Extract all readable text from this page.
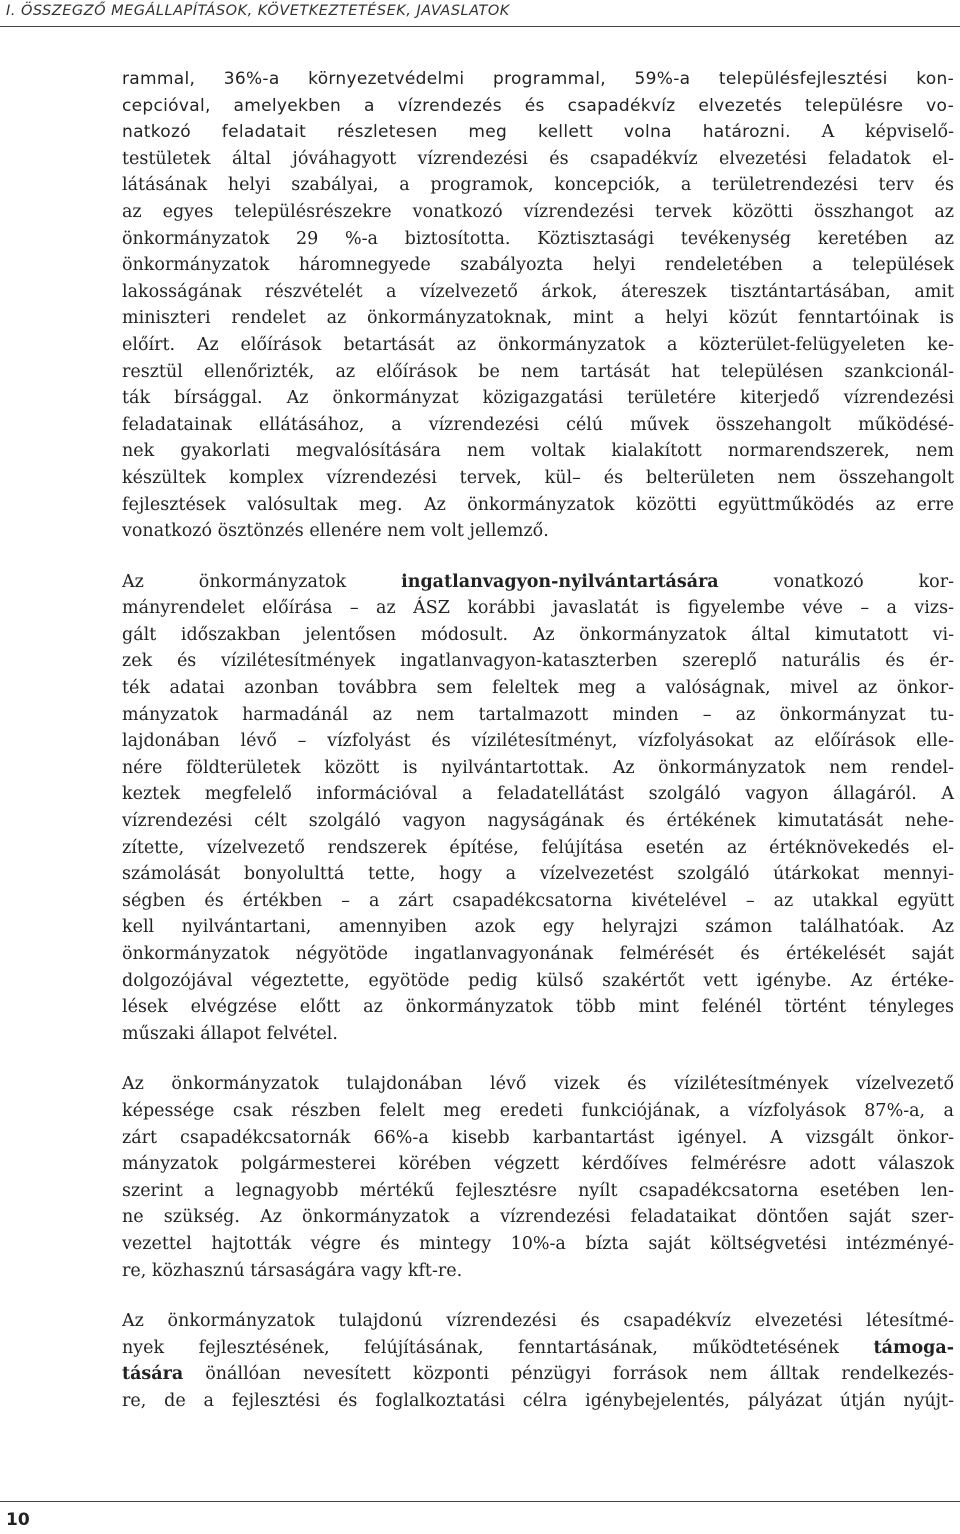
I. ÖSSZEGZŐ MEGÁLLAPÍTÁSOK, KÖVETKEZTETÉSEK, JAVASLATOK
rammal, 36%-a környezetvédelmi programmal, 59%-a településfejlesztési kon-
cepcióval, amelyekben a vízrendezés és csapadékvíz elvezetés településre vo-
natkozó feladatait részletesen meg kellett volna határozni. A képviselő-
testületek által jóváhagyott vízrendezési és csapadékvíz elvezetési feladatok el-
látásának helyi szabályai, a programok, koncepciók, a területrendezési terv és
az egyes településrészekre vonatkozó vízrendezési tervek közötti összhangot az
önkormányzatok 29 %-a biztosította. Köztisztasági tevékenység keretében az
önkormányzatok háromnegyede szabályozta helyi rendeletében a települések
lakosságának részvételét a vízelvezető árkok, átereszek tisztántartásában, amit
miniszteri rendelet az önkormányzatoknak, mint a helyi közút fenntartóinak is
előírt. Az előírások betartását az önkormányzatok a közterület-felügyeleten ke-
resztül ellenőrizték, az előírások be nem tartását hat településen szankcionál-
ták bírsággal. Az önkormányzat közigazgatási területére kiterjedő vízrendezési
feladatainak ellátásához, a vízrendezési célú művek összehangolt működésé-
nek gyakorlati megvalósítására nem voltak kialakított normarendszerek, nem
készültek komplex vízrendezési tervek, kül– és belterületen nem összehangolt
fejlesztések valósultak meg. Az önkormányzatok közötti együttműködés az erre
vonatkozó ösztönzés ellenére nem volt jellemző.
Az önkormányzatok	ingatlanvagyon-nyilvántartására	vonatkozó kor-
mányrendelet előírása – az ÁSZ korábbi javaslatát is figyelembe véve – a vizs-
gált időszakban jelentősen módosult. Az önkormányzatok által kimutatott vi-
zek és vízilétesítmények ingatlanvagyon-kataszterben szereplő naturális és ér-
ték adatai azonban továbbra sem feleltek meg a valóságnak, mivel az önkor-
mányzatok harmadánál az nem tartalmazott minden – az önkormányzat tu-
lajdonában lévő – vízfolyást és vízilétesítményt, vízfolyásokat az előírások elle-
nére földterületek között is nyilvántartottak. Az önkormányzatok nem rendel-
keztek megfelelő információval a feladatellátást szolgáló vagyon állagáról. A
vízrendezési célt szolgáló vagyon nagyságának és értékének kimutatását nehe-
zítette, vízelvezető rendszerek építése, felújítása esetén az értéknövekedés el-
számolását bonyolulttá tette, hogy a vízelvezetést szolgáló útárkokat mennyi-
ségben és értékben – a zárt csapadékcsatorna kivételével – az utakkal együtt
kell nyilvántartani, amennyiben azok egy helyrajzi számon találhatóak. Az
önkormányzatok négyötöde ingatlanvagyonának felmérését és értékelését saját
dolgozójával végeztette, egyötöde pedig külső szakértőt vett igénybe. Az értéke-
lések elvégzése előtt az önkormányzatok több mint felénél történt tényleges
műszaki állapot felvétel.
Az önkormányzatok tulajdonában lévő vizek és vízilétesítmények vízelvezető
képessége csak részben felelt meg eredeti funkciójának, a vízfolyások 87%-a, a
zárt csapadékcsatornák 66%-a kisebb karbantartást igényel. A vizsgált önkor-
mányzatok polgármesterei körében végzett kérdőíves felmérésre adott válaszok
szerint a legnagyobb mértékű fejlesztésre nyílt csapadékcsatorna esetében len-
ne szükség. Az önkormányzatok a vízrendezési feladataikat döntően saját szer-
vezettel hajtották végre és mintegy 10%-a bízta saját költségvetési intézményé-
re, közhasznú társaságára vagy kft-re.
Az önkormányzatok tulajdonú vízrendezési és csapadékvíz elvezetési létesítmé-
nyek fejlesztésének, felújításának, fenntartásának, működtetésének támoga-
tására önállóan nevesített központi pénzügyi források nem álltak rendelkezés-
re, de a fejlesztési és foglalkoztatási célra igénybejelentés, pályázat útján nyújt-
10
